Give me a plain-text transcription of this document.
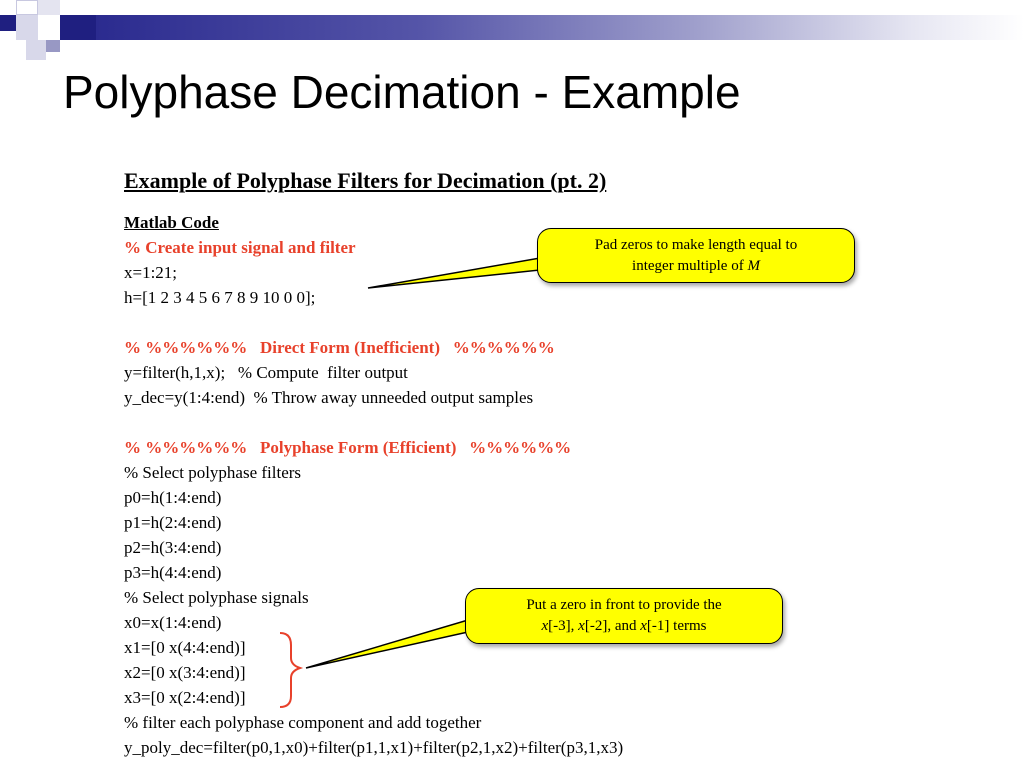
Polyphase Decimation - Example
Example of Polyphase Filters for Decimation (pt. 2)
Matlab Code
% Create input signal and filter
x=1:21;
h=[1 2 3 4 5 6 7 8 9 10 0 0];
% %%%%%%   Direct Form (Inefficient)   %%%%%%
y=filter(h,1,x);   % Compute  filter output
y_dec=y(1:4:end)  % Throw away unneeded output samples
% %%%%%%   Polyphase Form (Efficient)   %%%%%%
% Select polyphase filters
p0=h(1:4:end)
p1=h(2:4:end)
p2=h(3:4:end)
p3=h(4:4:end)
% Select polyphase signals
x0=x(1:4:end)
x1=[0 x(4:4:end)]
x2=[0 x(3:4:end)]
x3=[0 x(2:4:end)]
% filter each polyphase component and add together
y_poly_dec=filter(p0,1,x0)+filter(p1,1,x1)+filter(p2,1,x2)+filter(p3,1,x3)
Pad zeros to make length equal to
integer multiple of M
Put a zero in front to provide the
x[-3], x[-2], and x[-1] terms
